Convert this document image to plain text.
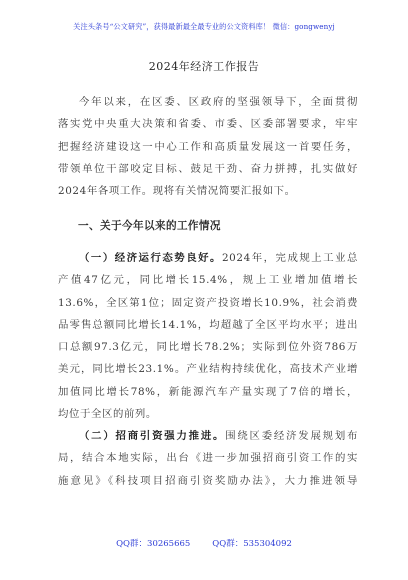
关注头条号“公文研究”，获得最新最全最专业的公文资料库！ 微信：gongwenyj
2024年经济工作报告
今年以来，在区委、区政府的坚强领导下，全面贯彻
落实党中央重大决策和省委、市委、区委部署要求，牢牢
把握经济建设这一中心工作和高质量发展这一首要任务，
带领单位干部咬定目标、鼓足干劲、奋力拼搏，扎实做好
2024年各项工作。现将有关情况简要汇报如下。
一、关于今年以来的工作情况
（一）经济运行态势良好。2024年，完成规上工业总
产值47亿元，同比增长15.4%，规上工业增加值增长
13.6%，全区第1位；固定资产投资增长10.9%，社会消费
品零售总额同比增长14.1%，均超越了全区平均水平；进出
口总额97.3亿元，同比增长78.2%；实际到位外资786万
美元，同比增长23.1%。产业结构持续优化，高技术产业增
加值同比增长78%，新能源汽车产量实现了7倍的增长，
均位于全区的前列。
（二）招商引资强力推进。围绕区委经济发展规划布
局，结合本地实际，出台《进一步加强招商引资工作的实
施意见》《科技项目招商引资奖励办法》，大力推进领导
QQ群：30265665	QQ群：535304092
